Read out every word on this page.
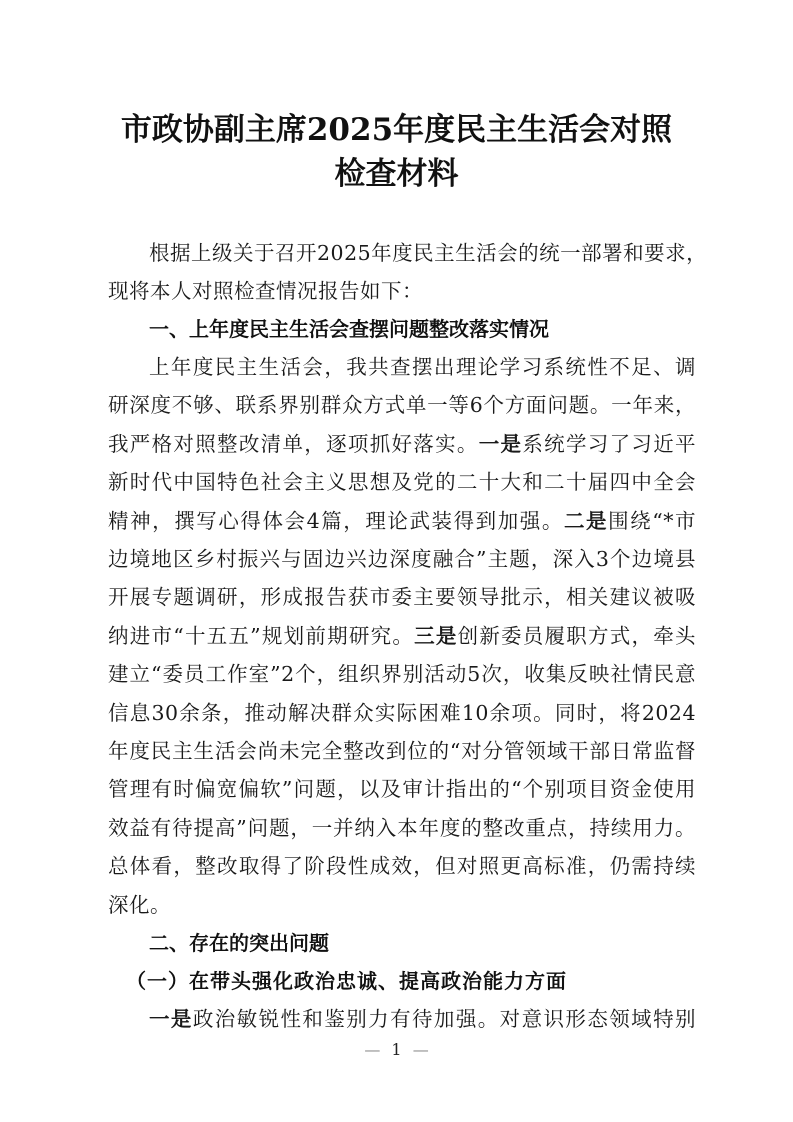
市政协副主席2025年度民主生活会对照
检查材料
根据上级关于召开2025年度民主生活会的统一部署和要求，
现将本人对照检查情况报告如下：
一、上年度民主生活会查摆问题整改落实情况
上年度民主生活会，我共查摆出理论学习系统性不足、调
研深度不够、联系界别群众方式单一等6个方面问题。一年来，
我严格对照整改清单，逐项抓好落实。一是系统学习了习近平
新时代中国特色社会主义思想及党的二十大和二十届四中全会
精神，撰写心得体会4篇，理论武装得到加强。二是围绕“*市
边境地区乡村振兴与固边兴边深度融合”主题，深入3个边境县
开展专题调研，形成报告获市委主要领导批示，相关建议被吸
纳进市“十五五”规划前期研究。三是创新委员履职方式，牵头
建立“委员工作室”2个，组织界别活动5次，收集反映社情民意
信息30余条，推动解决群众实际困难10余项。同时，将2024
年度民主生活会尚未完全整改到位的“对分管领域干部日常监督
管理有时偏宽偏软”问题，以及审计指出的“个别项目资金使用
效益有待提高”问题，一并纳入本年度的整改重点，持续用力。
总体看，整改取得了阶段性成效，但对照更高标准，仍需持续
深化。
二、存在的突出问题
（一）在带头强化政治忠诚、提高政治能力方面
一是政治敏锐性和鉴别力有待加强。对意识形态领域特别
— 1 —
